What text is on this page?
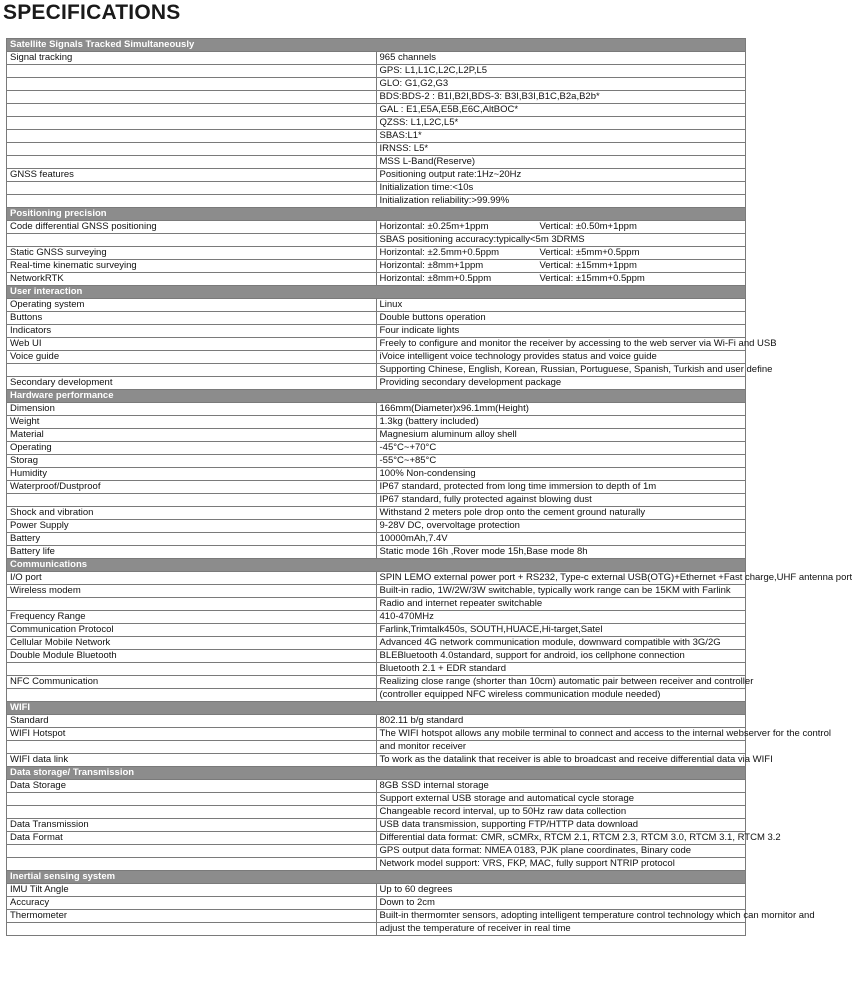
SPECIFICATIONS
Satellite Signals Tracked Simultaneously	
Signal tracking	965 channels
	GPS: L1,L1C,L2C,L2P,L5
	GLO: G1,G2,G3
	BDS:BDS-2 : B1I,B2I,BDS-3: B3I,B3I,B1C,B2a,B2b*
	GAL : E1,E5A,E5B,E6C,AltBOC*
	QZSS: L1,L2C,L5*
	SBAS:L1*
	IRNSS: L5*
	MSS L-Band(Reserve)
GNSS features	Positioning output rate:1Hz~20Hz
	Initialization time:<10s
	Initialization reliability:>99.99%
Positioning precision	
Code differential GNSS positioning	Horizontal: ±0.25m+1ppm Vertical: ±0.50m+1ppm
	SBAS positioning accuracy:typically<5m 3DRMS
Static GNSS surveying	Horizontal: ±2.5mm+0.5ppm Vertical: ±5mm+0.5ppm
Real-time kinematic surveying	Horizontal: ±8mm+1ppm Vertical: ±15mm+1ppm
NetworkRTK	Horizontal: ±8mm+0.5ppm Vertical: ±15mm+0.5ppm
User interaction	
Operating system	Linux
Buttons	Double buttons operation
Indicators	Four indicate lights
Web UI	Freely to configure and monitor the receiver by accessing to the web server via Wi-Fi and USB
Voice guide	iVoice intelligent voice technology provides status and voice guide
	Supporting Chinese, English, Korean, Russian, Portuguese, Spanish, Turkish and user define
Secondary development	Providing secondary development package
Hardware performance	
Dimension	166mm(Diameter)x96.1mm(Height)
Weight	1.3kg (battery included)
Material	Magnesium aluminum alloy shell
Operating	-45°C~+70°C
Storag	-55°C~+85°C
Humidity	100% Non-condensing
Waterproof/Dustproof	IP67 standard, protected from long time immersion to depth of 1m
	IP67 standard, fully protected against blowing dust
Shock and vibration	Withstand 2 meters pole drop onto the cement ground naturally
Power Supply	9-28V DC, overvoltage protection
Battery	10000mAh,7.4V
Battery life	Static mode 16h ,Rover mode 15h,Base mode 8h
Communications	
I/O port	SPIN LEMO external power port + RS232, Type-c external USB(OTG)+Ethernet +Fast charge,UHF antenna port
Wireless modem	Built-in radio, 1W/2W/3W switchable, typically work range can be 15KM with Farlink
	Radio and internet repeater switchable
Frequency Range	410-470MHz
Communication Protocol	Farlink,Trimtalk450s, SOUTH,HUACE,Hi-target,Satel
Cellular Mobile Network	Advanced 4G network communication module, downward compatible with 3G/2G
Double Module Bluetooth	BLEBluetooth 4.0standard, support for android, ios cellphone connection
	Bluetooth 2.1 + EDR standard
NFC Communication	Realizing close range (shorter than 10cm) automatic pair between receiver and controller
	(controller equipped NFC wireless communication module needed)
WIFI	
Standard	802.11 b/g standard
WIFI Hotspot	The WIFI hotspot allows any mobile terminal to connect and access to the internal webserver for the control
	and monitor receiver
WIFI data link	To work as the datalink that receiver is able to broadcast and receive differential data via WIFI
Data storage/ Transmission	
Data Storage	8GB SSD internal storage
	Support external USB storage and automatical cycle storage
	Changeable record interval, up to 50Hz raw data collection
Data Transmission	USB data transmission, supporting FTP/HTTP data download
Data Format	Differential data format: CMR, sCMRx, RTCM 2.1, RTCM 2.3, RTCM 3.0, RTCM 3.1, RTCM 3.2
	GPS output data format: NMEA 0183, PJK plane coordinates, Binary code
	Network model support: VRS, FKP, MAC, fully support NTRIP protocol
Inertial sensing system	
IMU Tilt Angle	Up to 60 degrees
Accuracy	Down to 2cm
Thermometer	Built-in thermomter sensors, adopting intelligent temperature control technology which can mornitor and
	adjust the temperature of receiver in real time
